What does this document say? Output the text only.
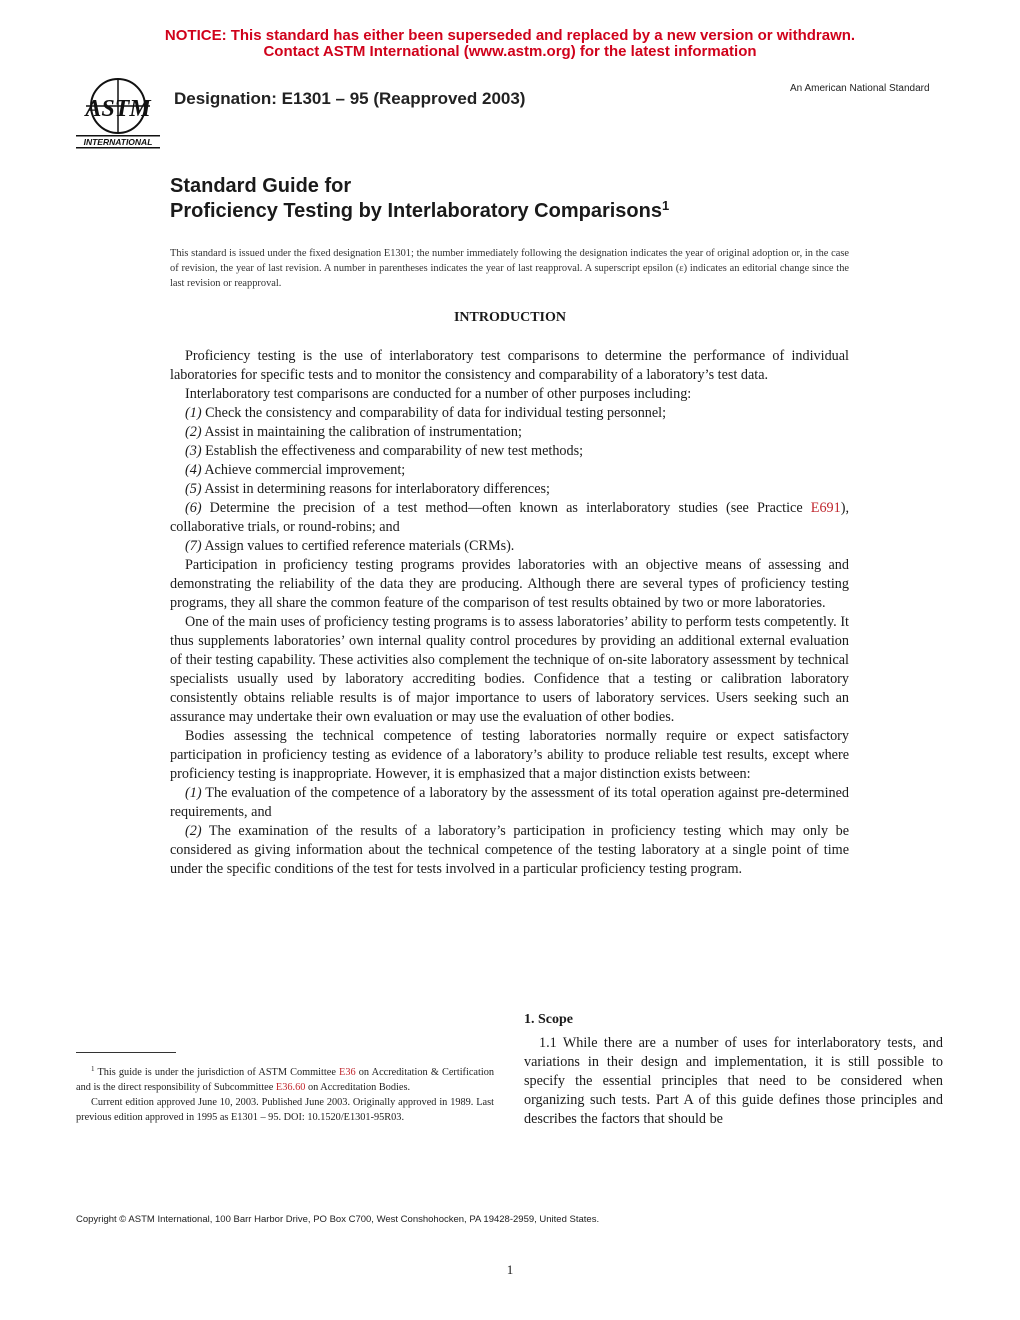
NOTICE: This standard has either been superseded and replaced by a new version or withdrawn.
Contact ASTM International (www.astm.org) for the latest information
ASTM
INTERNATIONAL
Designation: E1301 – 95 (Reapproved 2003)
An American National Standard
Standard Guide for
Proficiency Testing by Interlaboratory Comparisons$^1$
This standard is issued under the fixed designation E1301; the number immediately following the designation indicates the year of original adoption or, in the case of revision, the year of last revision. A number in parentheses indicates the year of last reapproval. A superscript epsilon (ε) indicates an editorial change since the last revision or reapproval.
INTRODUCTION

Proficiency testing is the use of interlaboratory test comparisons to determine the performance of individual laboratories for specific tests and to monitor the consistency and comparability of a laboratory’s test data.

Interlaboratory test comparisons are conducted for a number of other purposes including:

(1) Check the consistency and comparability of data for individual testing personnel;

(2) Assist in maintaining the calibration of instrumentation;

(3) Establish the effectiveness and comparability of new test methods;

(4) Achieve commercial improvement;

(5) Assist in determining reasons for interlaboratory differences;

(6) Determine the precision of a test method—often known as interlaboratory studies (see Practice E691), collaborative trials, or round-robins; and

(7) Assign values to certified reference materials (CRMs).

Participation in proficiency testing programs provides laboratories with an objective means of assessing and demonstrating the reliability of the data they are producing. Although there are several types of proficiency testing programs, they all share the common feature of the comparison of test results obtained by two or more laboratories.

One of the main uses of proficiency testing programs is to assess laboratories’ ability to perform tests competently. It thus supplements laboratories’ own internal quality control procedures by providing an additional external evaluation of their testing capability. These activities also complement the technique of on-site laboratory assessment by technical specialists usually used by laboratory accrediting bodies. Confidence that a testing or calibration laboratory consistently obtains reliable results is of major importance to users of laboratory services. Users seeking such an assurance may undertake their own evaluation or may use the evaluation of other bodies.

Bodies assessing the technical competence of testing laboratories normally require or expect satisfactory participation in proficiency testing as evidence of a laboratory’s ability to produce reliable test results, except where proficiency testing is inappropriate. However, it is emphasized that a major distinction exists between:

(1) The evaluation of the competence of a laboratory by the assessment of its total operation against pre-determined requirements, and

(2) The examination of the results of a laboratory’s participation in proficiency testing which may only be considered as giving information about the technical competence of the testing laboratory at a single point of time under the specific conditions of the test for tests involved in a particular proficiency testing program.

1. Scope
1.1 While there are a number of uses for interlaboratory tests, and variations in their design and implementation, it is still possible to specify the essential principles that need to be considered when organizing such tests. Part A of this guide defines those principles and describes the factors that should be

$^1$ This guide is under the jurisdiction of ASTM Committee E36 on Accreditation & Certification and is the direct responsibility of Subcommittee E36.60 on Accreditation Bodies.

Current edition approved June 10, 2003. Published June 2003. Originally approved in 1989. Last previous edition approved in 1995 as E1301 – 95. DOI: 10.1520/E1301-95R03.

Copyright © ASTM International, 100 Barr Harbor Drive, PO Box C700, West Conshohocken, PA 19428-2959, United States.
1
